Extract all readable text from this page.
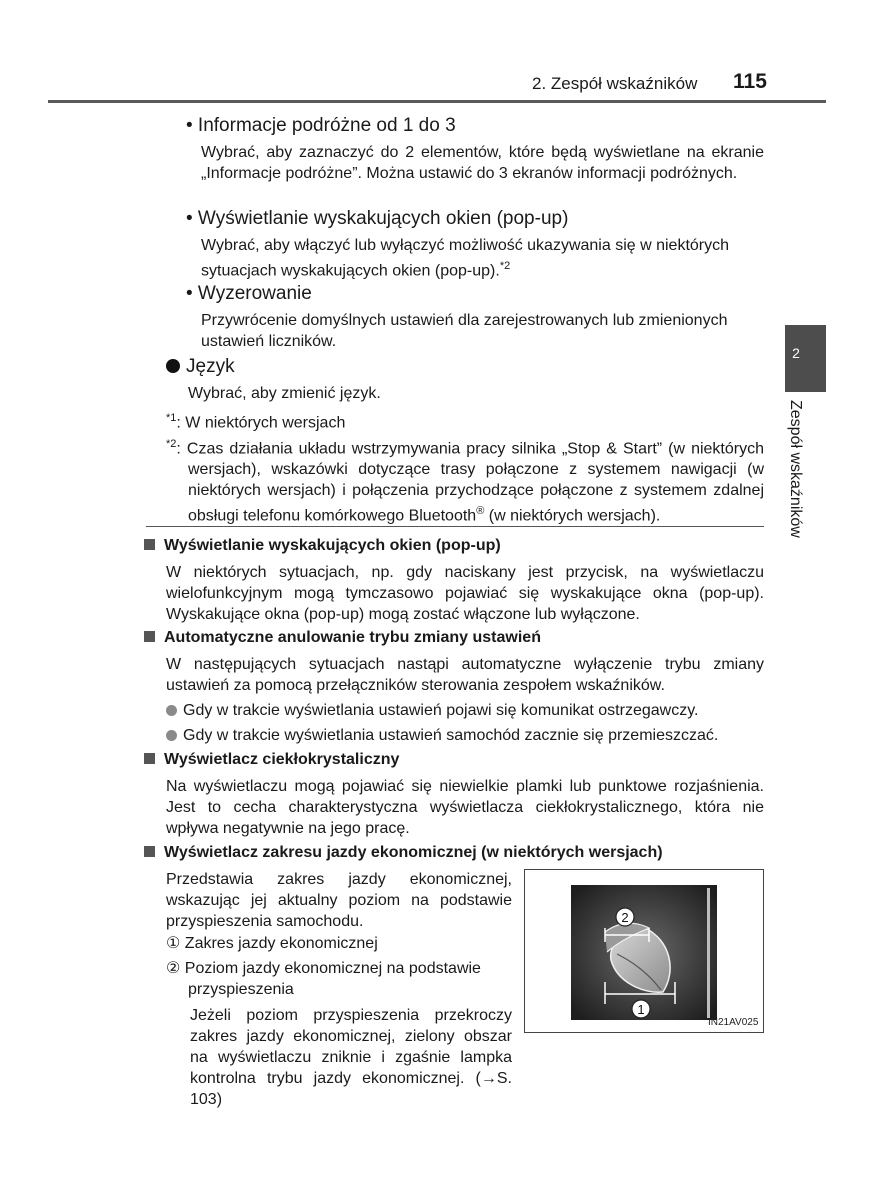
2. Zespół wskaźników 115
2
Zespół wskaźników
• Informacje podróżne od 1 do 3
Wybrać, aby zaznaczyć do 2 elementów, które będą wyświetlane na ekranie „Informacje podróżne”. Można ustawić do 3 ekranów informacji podróżnych.
• Wyświetlanie wyskakujących okien (pop-up)
Wybrać, aby włączyć lub wyłączyć możliwość ukazywania się w niektórych sytuacjach wyskakujących okien (pop-up).$^{*2}$
• Wyzerowanie
Przywrócenie domyślnych ustawień dla zarejestrowanych lub zmienionych ustawień liczników.
Język
Wybrać, aby zmienić język.
$^{*1}$: W niektórych wersjach
$^{*2}$: Czas działania układu wstrzymywania pracy silnika „Stop & Start” (w niektórych wersjach), wskazówki dotyczące trasy połączone z systemem nawigacji (w niektórych wersjach) i połączenia przychodzące połączone z systemem zdalnej obsługi telefonu komórkowego Bluetooth® (w niektórych wersjach).
Wyświetlanie wyskakujących okien (pop-up)
W niektórych sytuacjach, np. gdy naciskany jest przycisk, na wyświetlaczu wielofunkcyjnym mogą tymczasowo pojawiać się wyskakujące okna (pop-up). Wyskakujące okna (pop-up) mogą zostać włączone lub wyłączone.
Automatyczne anulowanie trybu zmiany ustawień
W następujących sytuacjach nastąpi automatyczne wyłączenie trybu zmiany ustawień za pomocą przełączników sterowania zespołem wskaźników.
Gdy w trakcie wyświetlania ustawień pojawi się komunikat ostrzegawczy.
Gdy w trakcie wyświetlania ustawień samochód zacznie się przemieszczać.
Wyświetlacz ciekłokrystaliczny
Na wyświetlaczu mogą pojawiać się niewielkie plamki lub punktowe rozjaśnienia. Jest to cecha charakterystyczna wyświetlacza ciekłokrystalicznego, która nie wpływa negatywnie na jego pracę.
Wyświetlacz zakresu jazdy ekonomicznej (w niektórych wersjach)
Przedstawia zakres jazdy ekonomicznej, wskazując jej aktualny poziom na podstawie przyspieszenia samochodu.
① Zakres jazdy ekonomicznej
② Poziom jazdy ekonomicznej na podstawie przyspieszenia
Jeżeli poziom przyspieszenia przekroczy zakres jazdy ekonomicznej, zielony obszar na wyświetlaczu zniknie i zgaśnie lampka kontrolna trybu jazdy ekonomicznej. (→S. 103)
2
1
IN21AV025
